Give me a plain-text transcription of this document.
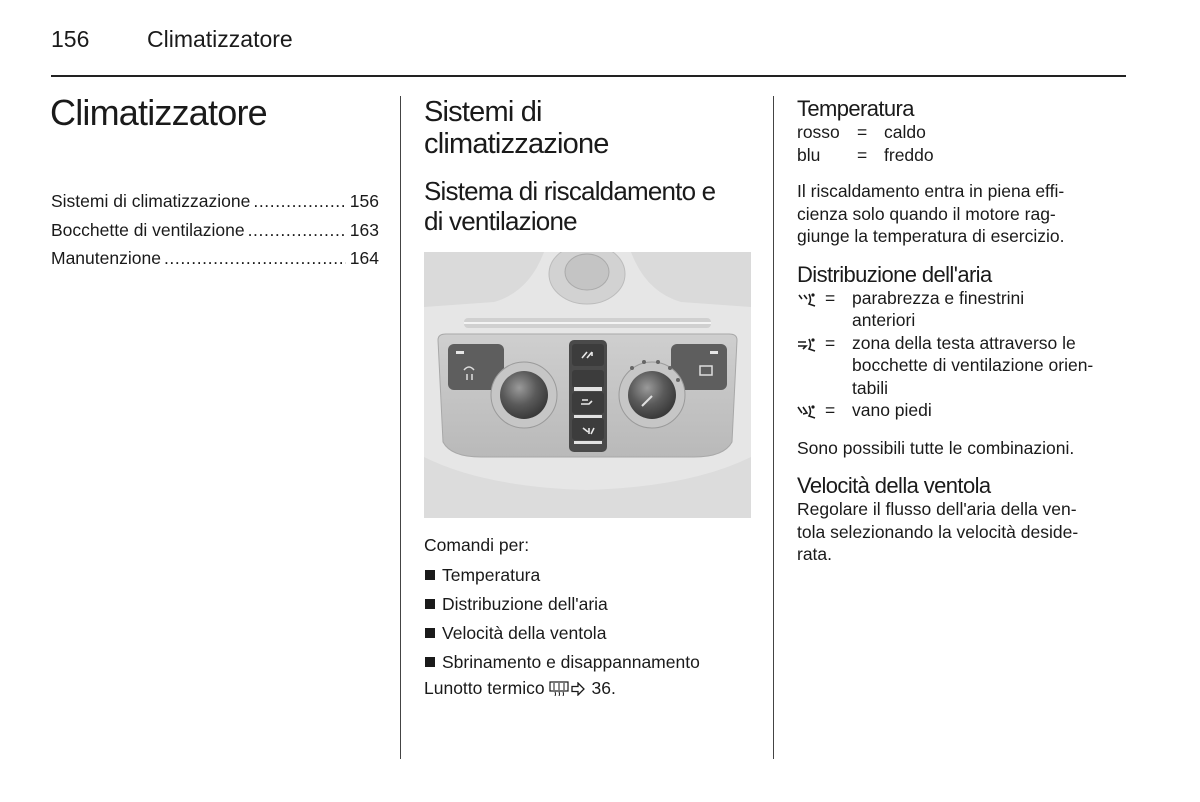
156	Climatizzatore
Climatizzatore
Sistemi di climatizzazione .....	156
Bocchette di ventilazione .....	163
Manutenzione .....	164
Sistemi di
climatizzazione
Sistema di riscaldamento e
di ventilazione
Comandi per:
Temperatura
Distribuzione dell'aria
Velocità della ventola
Sbrinamento e disappannamento
Lunotto termico	36.
Temperatura
rosso = caldo
blu	= freddo
Il riscaldamento entra in piena effi-
cienza solo quando il motore rag-
giunge la temperatura di esercizio.
Distribuzione dell'aria
= parabrezza e finestrini
anteriori
= zona della testa attraverso le
bocchette di ventilazione orien-
tabili
= vano piedi
Sono possibili tutte le combinazioni.
Velocità della ventola
Regolare il flusso dell'aria della ven-
tola selezionando la velocità deside-
rata.
